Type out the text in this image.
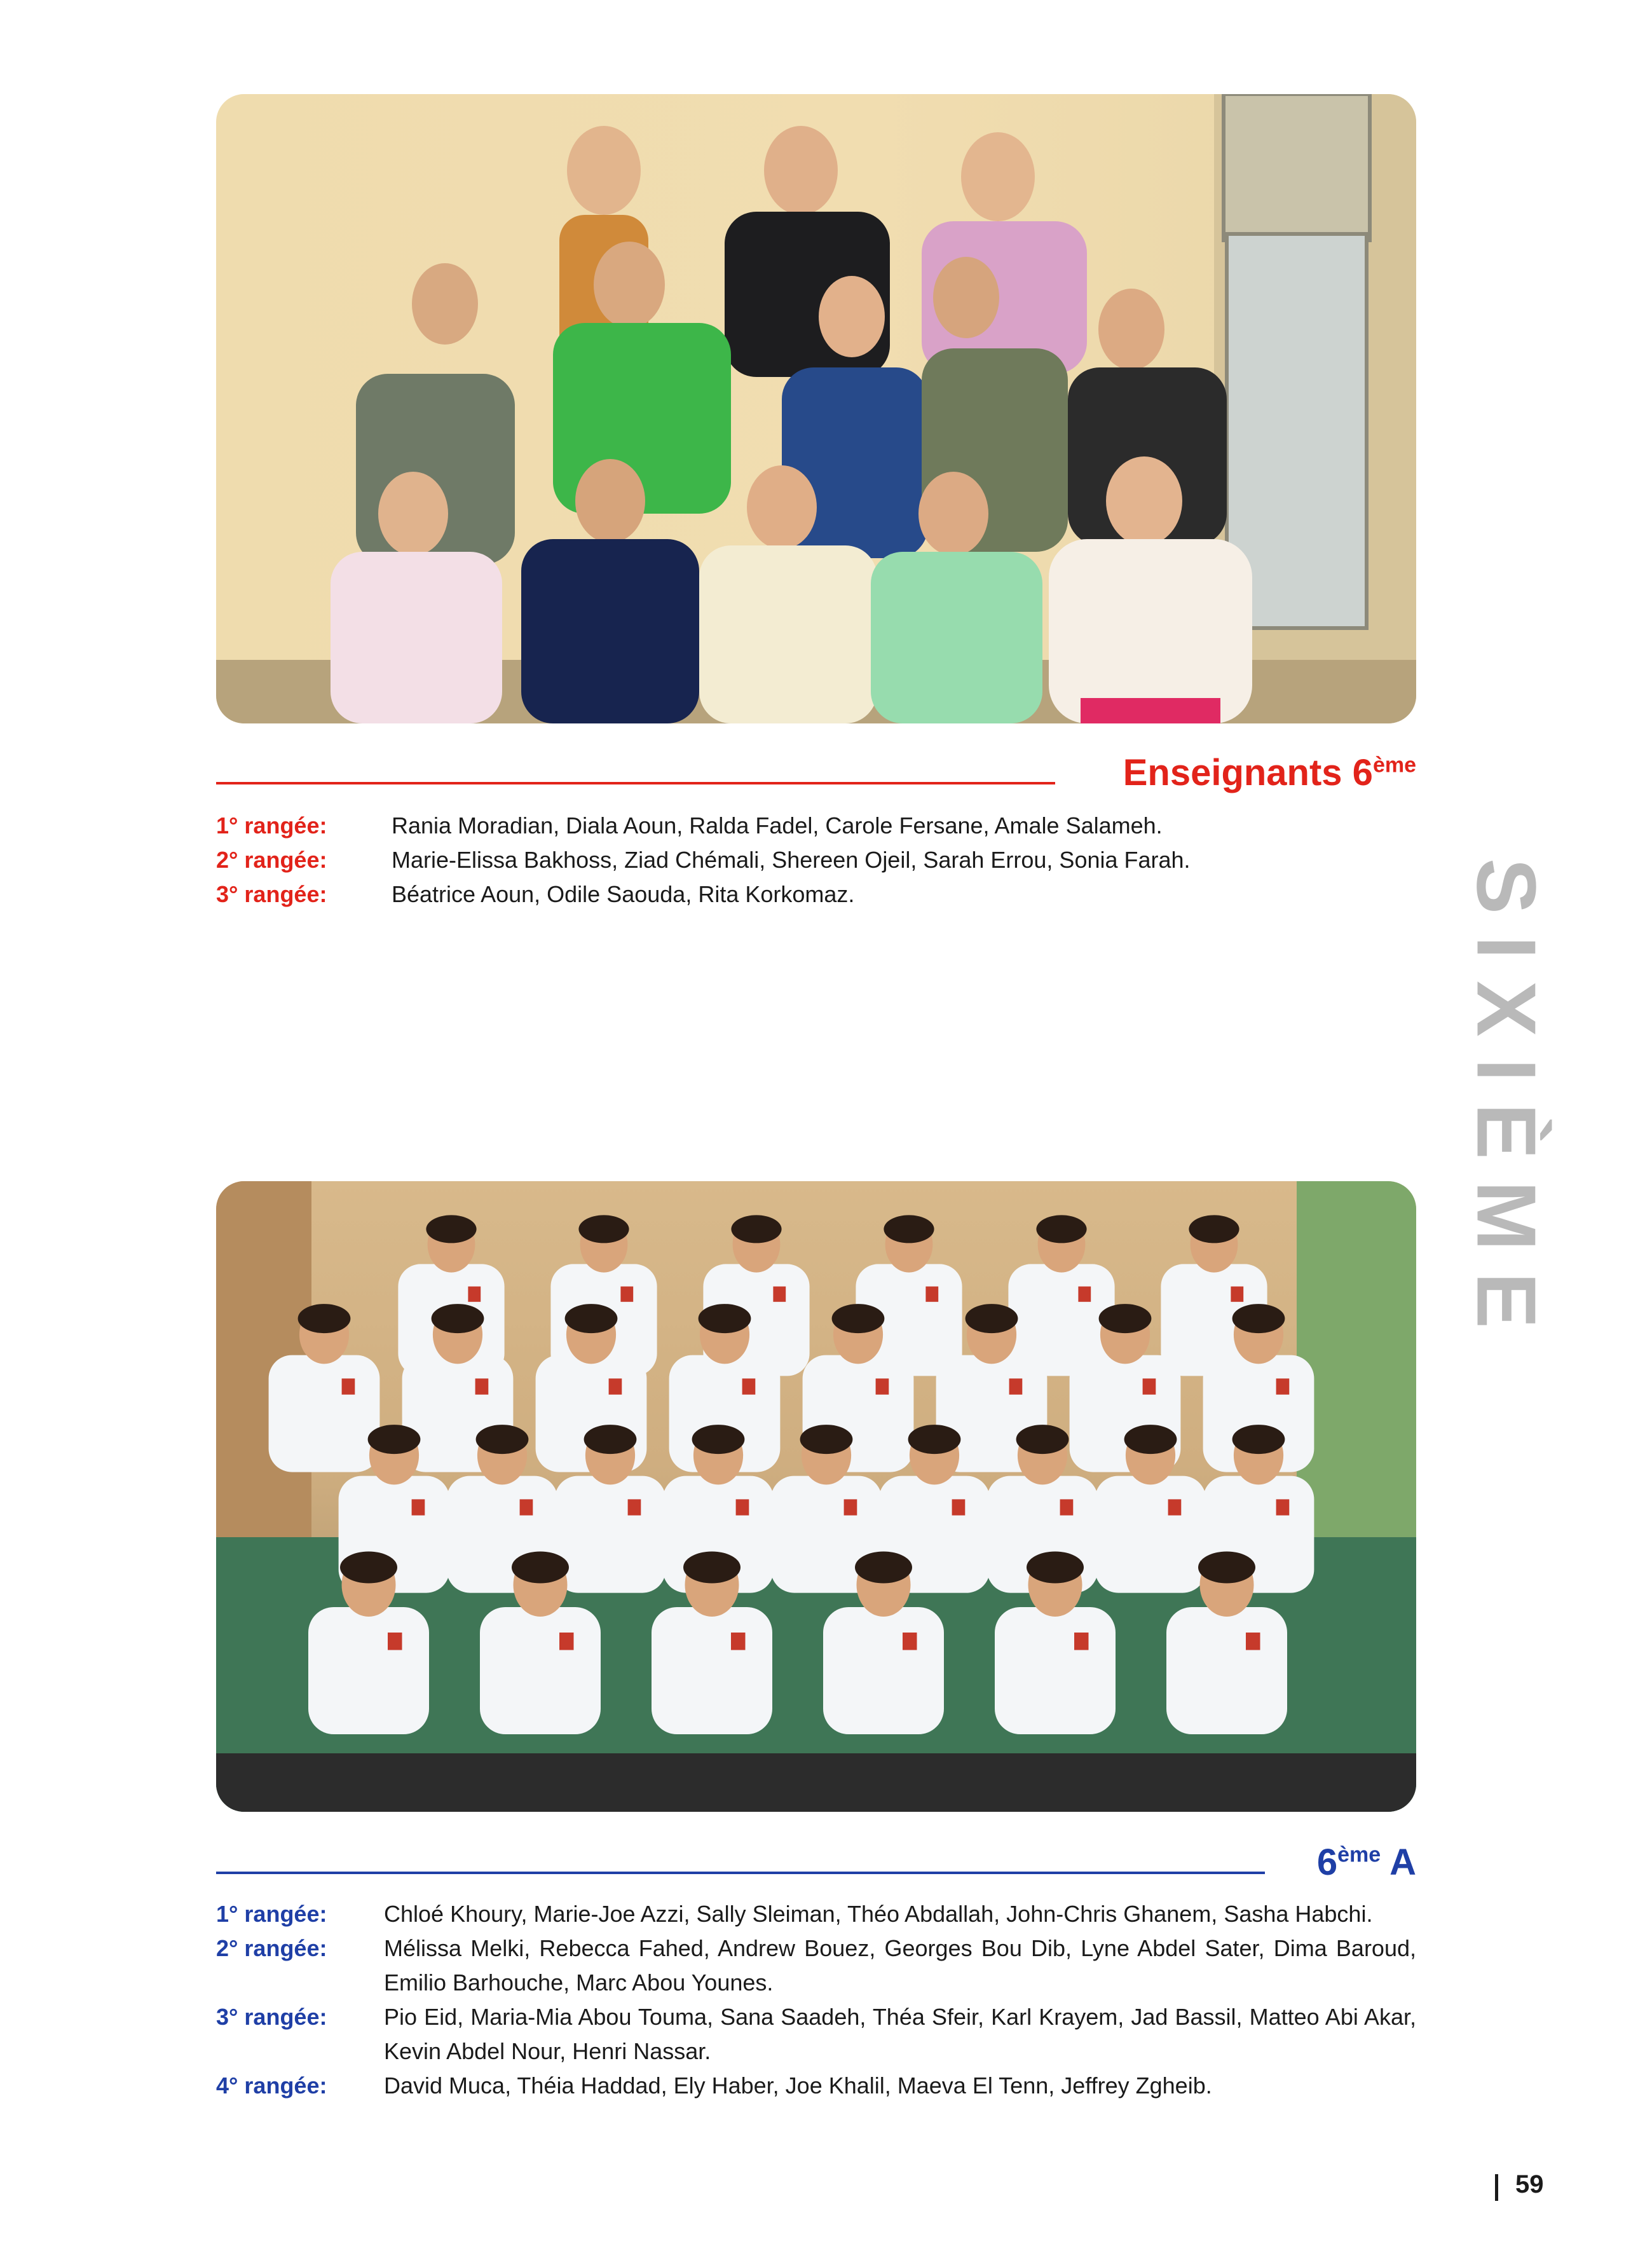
Enseignants 6ème
1° rangée:	Rania Moradian, Diala Aoun, Ralda Fadel, Carole Fersane, Amale Salameh.
2° rangée:	Marie-Elissa Bakhoss, Ziad Chémali, Shereen Ojeil, Sarah Errou, Sonia Farah.
3° rangée:	Béatrice Aoun, Odile Saouda, Rita Korkomaz.	SIXIÈME
6ème A
1° rangée:	Chloé Khoury, Marie-Joe Azzi, Sally Sleiman, Théo Abdallah, John-Chris Ghanem, Sasha Habchi.
2° rangée:	Mélissa Melki, Rebecca Fahed, Andrew Bouez, Georges Bou Dib, Lyne Abdel Sater, Dima Baroud, Emilio Barhouche, Marc Abou Younes.
3° rangée:	Pio Eid, Maria-Mia Abou Touma, Sana Saadeh, Théa Sfeir, Karl Krayem, Jad Bassil, Matteo Abi Akar, Kevin Abdel Nour, Henri Nassar.
4° rangée:	David Muca, Théia Haddad, Ely Haber, Joe Khalil, Maeva El Tenn, Jeffrey Zgheib.
59
